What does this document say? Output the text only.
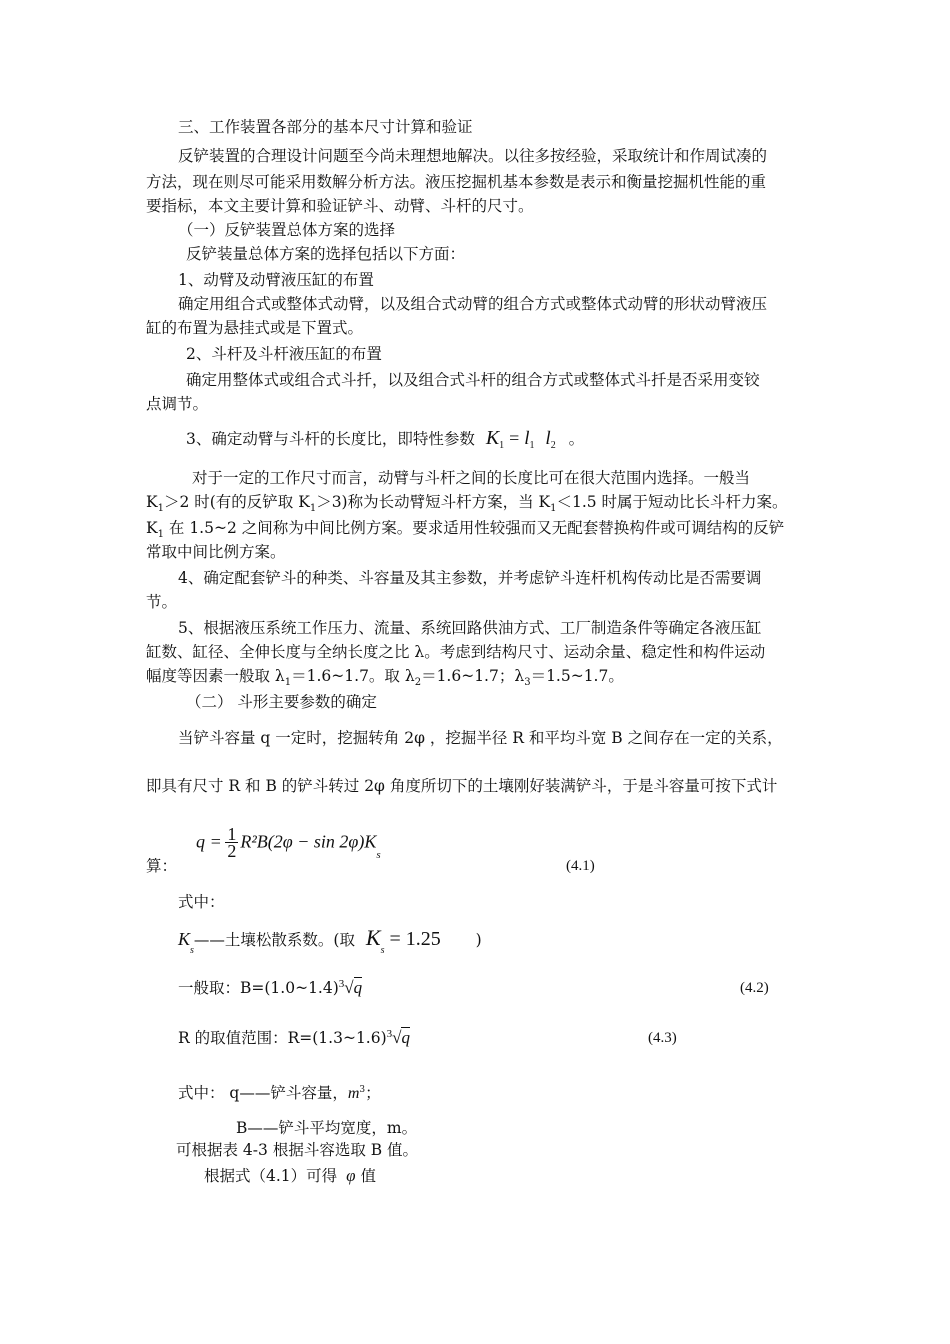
三、工作装置各部分的基本尺寸计算和验证
反铲装置的合理设计问题至今尚未理想地解决。以往多按经验，采取统计和作周试凑的
方法，现在则尽可能采用数解分析方法。液压挖掘机基本参数是表示和衡量挖掘机性能的重
要指标，本文主要计算和验证铲斗、动臂、斗杆的尺寸。
（一）反铲装置总体方案的选择
反铲装量总体方案的选择包括以下方面：
1、动臂及动臂液压缸的布置
确定用组合式或整体式动臂，以及组合式动臂的组合方式或整体式动臂的形状动臂液压
缸的布置为悬挂式或是下置式。
2、斗杆及斗杆液压缸的布置
确定用整体式或组合式斗扦，以及组合式斗杆的组合方式或整体式斗扦是否采用变铰
点调节。
3、确定动臂与斗杆的长度比，即特性参数 $K_1 = l_1$ $l_2$ 。
对于一定的工作尺寸而言，动臂与斗杆之间的长度比可在很大范围内选择。一般当
$K_1>2$ 时(有的反铲取 $K_1>3$)称为长动臂短斗杆方案，当 $K_1<1.5$ 时属于短动比长斗杆力案。
$K_1$ 在 1.5~2 之间称为中间比例方案。要求适用性较强而又无配套替换构件或可调结构的反铲
常取中间比例方案。
4、确定配套铲斗的种类、斗容量及其主参数，并考虑铲斗连杆机构传动比是否需要调
节。
5、根据液压系统工作压力、流量、系统回路供油方式、工厂制造条件等确定各液压缸
缸数、缸径、全伸长度与全纳长度之比 λ。考虑到结构尺寸、运动余量、稳定性和构件运动
幅度等因素一般取 $\lambda_1=1.6\sim 1.7$。取 $\lambda_2=1.6\sim 1.7$；$\lambda_3=1.5\sim 1.7$。
（二） 斗形主要参数的确定
当铲斗容量 q 一定时，挖掘转角 2φ ，挖掘半径 R 和平均斗宽 B 之间存在一定的关系，
即具有尺寸 R 和 B 的铲斗转过 2φ 角度所切下的土壤刚好装满铲斗，于是斗容量可按下式计
算：
$q = \frac{1}{2} R^2B(2\varphi - \sin 2\varphi)K_s$
(4.1)
式中：
$K_s——$土壤松散系数。(取 $K_s = 1.25$ )
一般取：B=(1.0~1.4)$^3$√q	(4.2)
R 的取值范围：R=(1.3~1.6)$^3$√q	(4.3)
式中： q——铲斗容量，$m^3$；
B——铲斗平均宽度，m。
可根据表 4-3 根据斗容选取 B 值。
根据式（4.1）可得 φ 值
